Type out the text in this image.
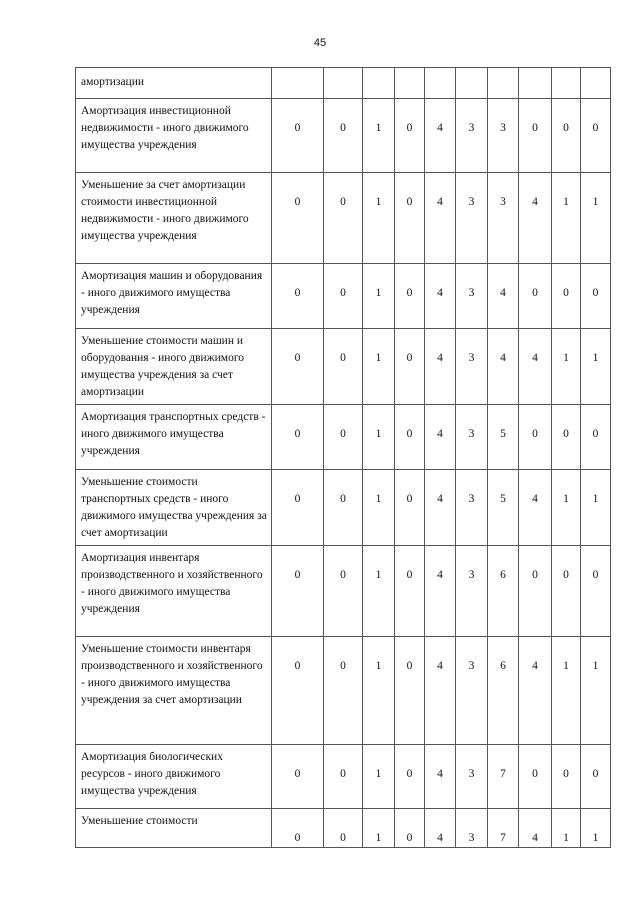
45
амортизации										
Амортизация инвестиционной недвижимости - иного движимого имущества учреждения	0	0	1	0	4	3	3	0	0	0
Уменьшение за счет амортизации стоимости инвестиционной недвижимости - иного движимого имущества учреждения	0	0	1	0	4	3	3	4	1	1
Амортизация машин и оборудования - иного движимого имущества учреждения	0	0	1	0	4	3	4	0	0	0
Уменьшение стоимости машин и оборудования - иного движимого имущества учреждения за счет амортизации	0	0	1	0	4	3	4	4	1	1
Амортизация транспортных средств - иного движимого имущества учреждения	0	0	1	0	4	3	5	0	0	0
Уменьшение стоимости транспортных средств - иного движимого имущества учреждения за счет амортизации	0	0	1	0	4	3	5	4	1	1
Амортизация инвентаря производственного и хозяйственного - иного движимого имущества учреждения	0	0	1	0	4	3	6	0	0	0
Уменьшение стоимости инвентаря производственного и хозяйственного - иного движимого имущества учреждения за счет амортизации	0	0	1	0	4	3	6	4	1	1
Амортизация биологических ресурсов - иного движимого имущества учреждения	0	0	1	0	4	3	7	0	0	0
Уменьшение стоимости	0	0	1	0	4	3	7	4	1	1
